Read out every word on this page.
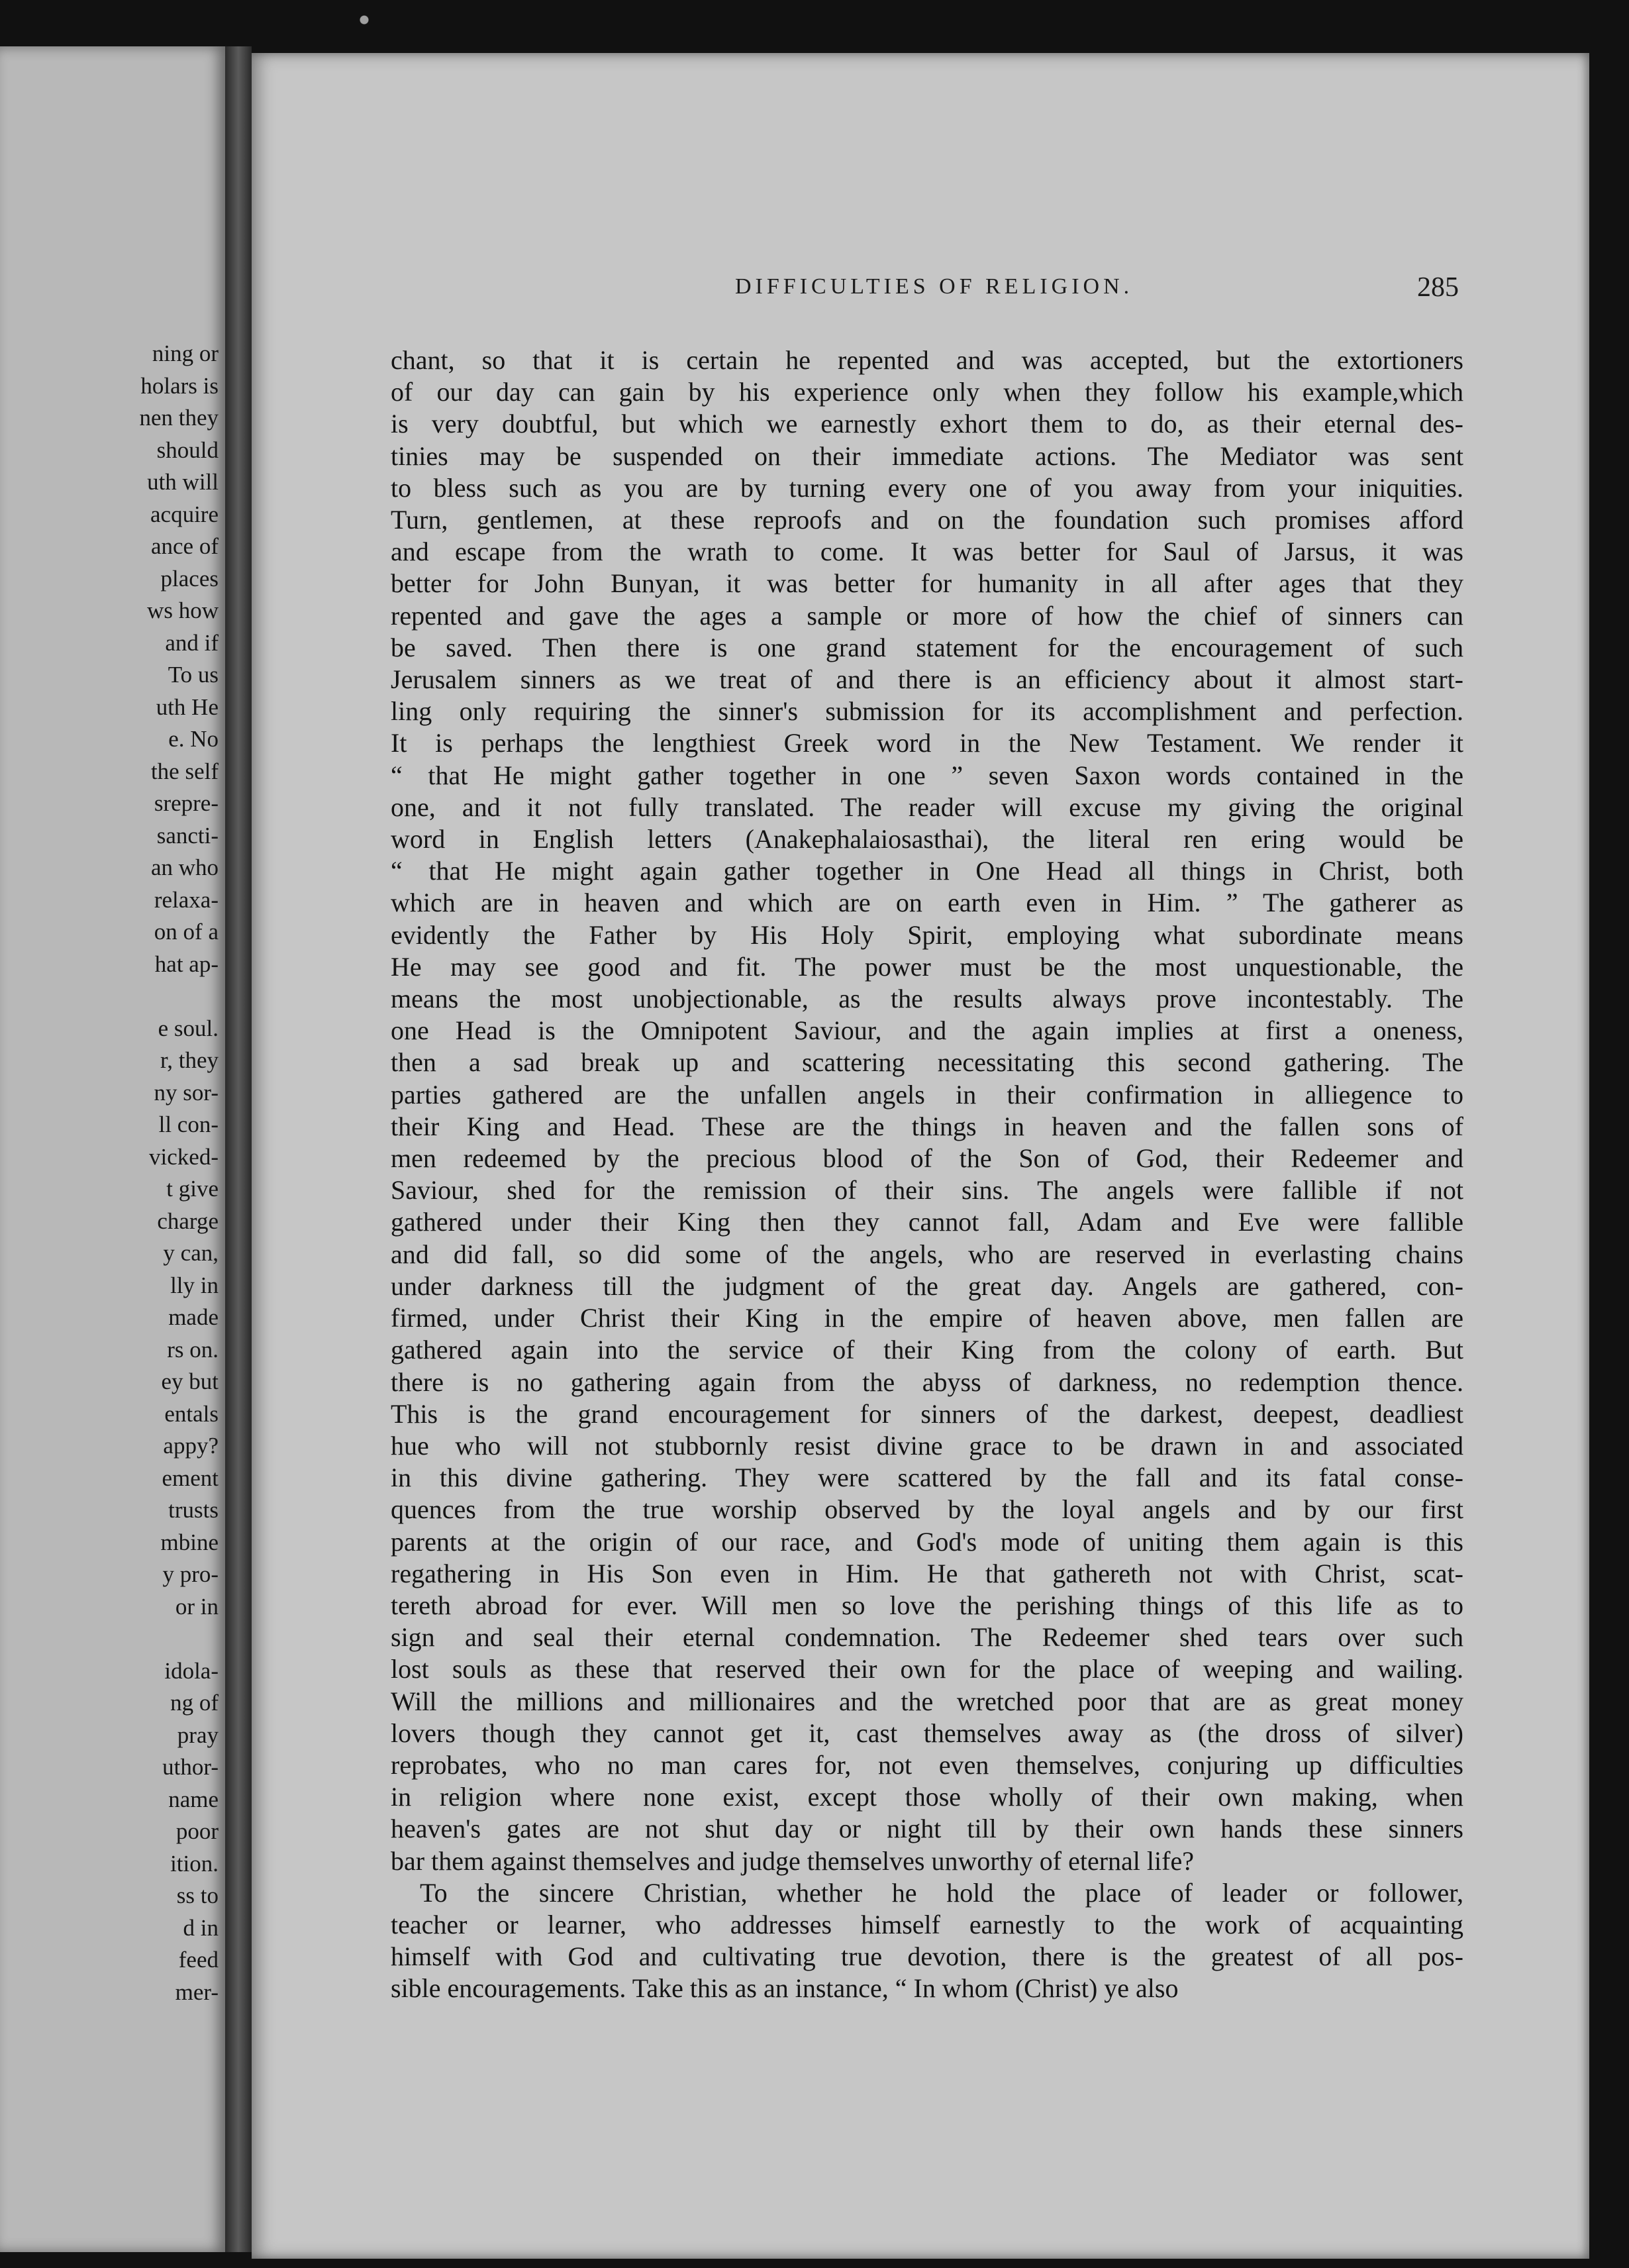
ning or
holars is
nen they
should
uth will
acquire
ance of
places
ws how
and if
To us
uth He
e. No
the self
srepre-
sancti-
an who
relaxa-
on of a
hat ap-
e soul.
r, they
ny sor-
ll con-
vicked-
t give
charge
y can,
lly in
made
rs on.
ey but
entals
appy?
ement
trusts
mbine
y pro-
or in
idola-
ng of
pray
uthor-
name
poor
ition.
ss to
d in
feed
mer-
DIFFICULTIES OF RELIGION.	285
chant, so that it is certain he repented and was accepted, but the extortioners
of our day can gain by his experience only when they follow his example,which
is very doubtful, but which we earnestly exhort them to do, as their eternal des-
tinies may be suspended on their immediate actions. The Mediator was sent
to bless such as you are by turning every one of you away from your iniquities.
Turn, gentlemen, at these reproofs and on the foundation such promises afford
and escape from the wrath to come. It was better for Saul of Jarsus, it was
better for John Bunyan, it was better for humanity in all after ages that they
repented and gave the ages a sample or more of how the chief of sinners can
be saved. Then there is one grand statement for the encouragement of such
Jerusalem sinners as we treat of and there is an efficiency about it almost start-
ling only requiring the sinner's submission for its accomplishment and perfection.
It is perhaps the lengthiest Greek word in the New Testament. We render it
“ that He might gather together in one ” seven Saxon words contained in the
one, and it not fully translated. The reader will excuse my giving the original
word in English letters (Anakephalaiosasthai), the literal ren ering would be
“ that He might again gather together in One Head all things in Christ, both
which are in heaven and which are on earth even in Him. ” The gatherer as
evidently the Father by His Holy Spirit, employing what subordinate means
He may see good and fit. The power must be the most unquestionable, the
means the most unobjectionable, as the results always prove incontestably. The
one Head is the Omnipotent Saviour, and the again implies at first a oneness,
then a sad break up and scattering necessitating this second gathering. The
parties gathered are the unfallen angels in their confirmation in alliegence to
their King and Head. These are the things in heaven and the fallen sons of
men redeemed by the precious blood of the Son of God, their Redeemer and
Saviour, shed for the remission of their sins. The angels were fallible if not
gathered under their King then they cannot fall, Adam and Eve were fallible
and did fall, so did some of the angels, who are reserved in everlasting chains
under darkness till the judgment of the great day. Angels are gathered, con-
firmed, under Christ their King in the empire of heaven above, men fallen are
gathered again into the service of their King from the colony of earth. But
there is no gathering again from the abyss of darkness, no redemption thence.
This is the grand encouragement for sinners of the darkest, deepest, deadliest
hue who will not stubbornly resist divine grace to be drawn in and associated
in this divine gathering. They were scattered by the fall and its fatal conse-
quences from the true worship observed by the loyal angels and by our first
parents at the origin of our race, and God's mode of uniting them again is this
regathering in His Son even in Him. He that gathereth not with Christ, scat-
tereth abroad for ever. Will men so love the perishing things of this life as to
sign and seal their eternal condemnation. The Redeemer shed tears over such
lost souls as these that reserved their own for the place of weeping and wailing.
Will the millions and millionaires and the wretched poor that are as great money
lovers though they cannot get it, cast themselves away as (the dross of silver)
reprobates, who no man cares for, not even themselves, conjuring up difficulties
in religion where none exist, except those wholly of their own making, when
heaven's gates are not shut day or night till by their own hands these sinners
bar them against themselves and judge themselves unworthy of eternal life?
To the sincere Christian, whether he hold the place of leader or follower,
teacher or learner, who addresses himself earnestly to the work of acquainting
himself with God and cultivating true devotion, there is the greatest of all pos-
sible encouragements. Take this as an instance, “ In whom (Christ) ye also
